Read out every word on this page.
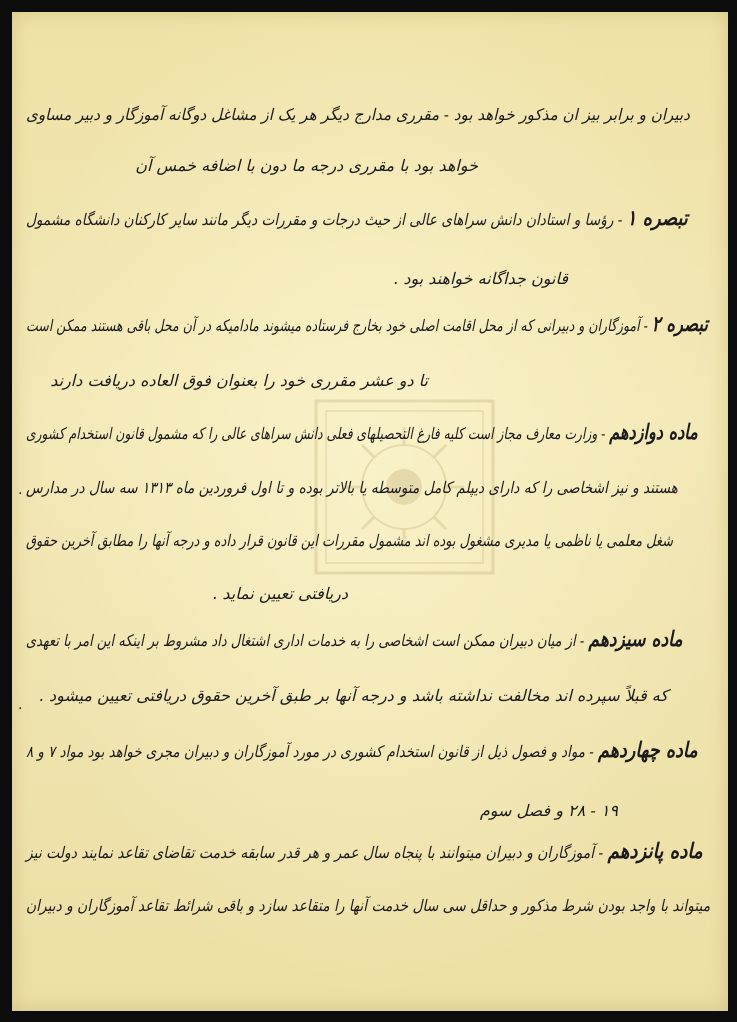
دبیران و برابر بیز ان مذکور خواهد بود - مقرری مدارج دیگر هر یک از مشاغل دوگانه آموزگار و دبیر مساوی
خواهد بود با مقرری درجه ما دون با اضافه خمس آن
تبصره ۱ - رؤسا و استادان دانش سراهای عالی از حیث درجات و مقررات دیگر مانند سایر کارکنان دانشگاه مشمول
قانون جداگانه خواهند بود .
تبصره ۲ - آموزگاران و دبیرانی که از محل اقامت اصلی خود بخارج فرستاده میشوند مادامیکه در آن محل باقی هستند ممکن است
تا دو عشر مقرری خود را بعنوان فوق العاده دریافت دارند
ماده دوازدهم - وزارت معارف مجاز است کلیه فارغ التحصیلهای فعلی دانش سراهای عالی را که مشمول قانون استخدام کشوری
هستند و نیز اشخاصی را که دارای دیپلم کامل متوسطه یا بالاتر بوده و تا اول فروردین ماه ۱۳۱۳ سه سال در مدارس
شغل معلمی یا ناظمی یا مدیری مشغول بوده اند مشمول مقررات این قانون قرار داده و درجه آنها را مطابق آخرین حقوق
دریافتی تعیین نماید .
ماده سیزدهم - از میان دبیران ممکن است اشخاصی را به خدمات اداری اشتغال داد مشروط بر اینکه این امر با تعهدی
که قبلاً سپرده اند مخالفت نداشته باشد و درجه آنها بر طبق آخرین حقوق دریافتی تعیین میشود .
ماده چهاردهم - مواد و فصول ذیل از قانون استخدام کشوری در مورد آموزگاران و دبیران مجری خواهد بود مواد ۷ و ۸
۱۹ - ۲۸ و فصل سوم
ماده پانزدهم - آموزگاران و دبیران میتوانند با پنجاه سال عمر و هر قدر سابقه خدمت تقاضای تقاعد نمایند دولت نیز
میتواند با واجد بودن شرط مذکور و حداقل سی سال خدمت آنها را متقاعد سازد و باقی شرائط تقاعد آموزگاران و دبیران
·
·
